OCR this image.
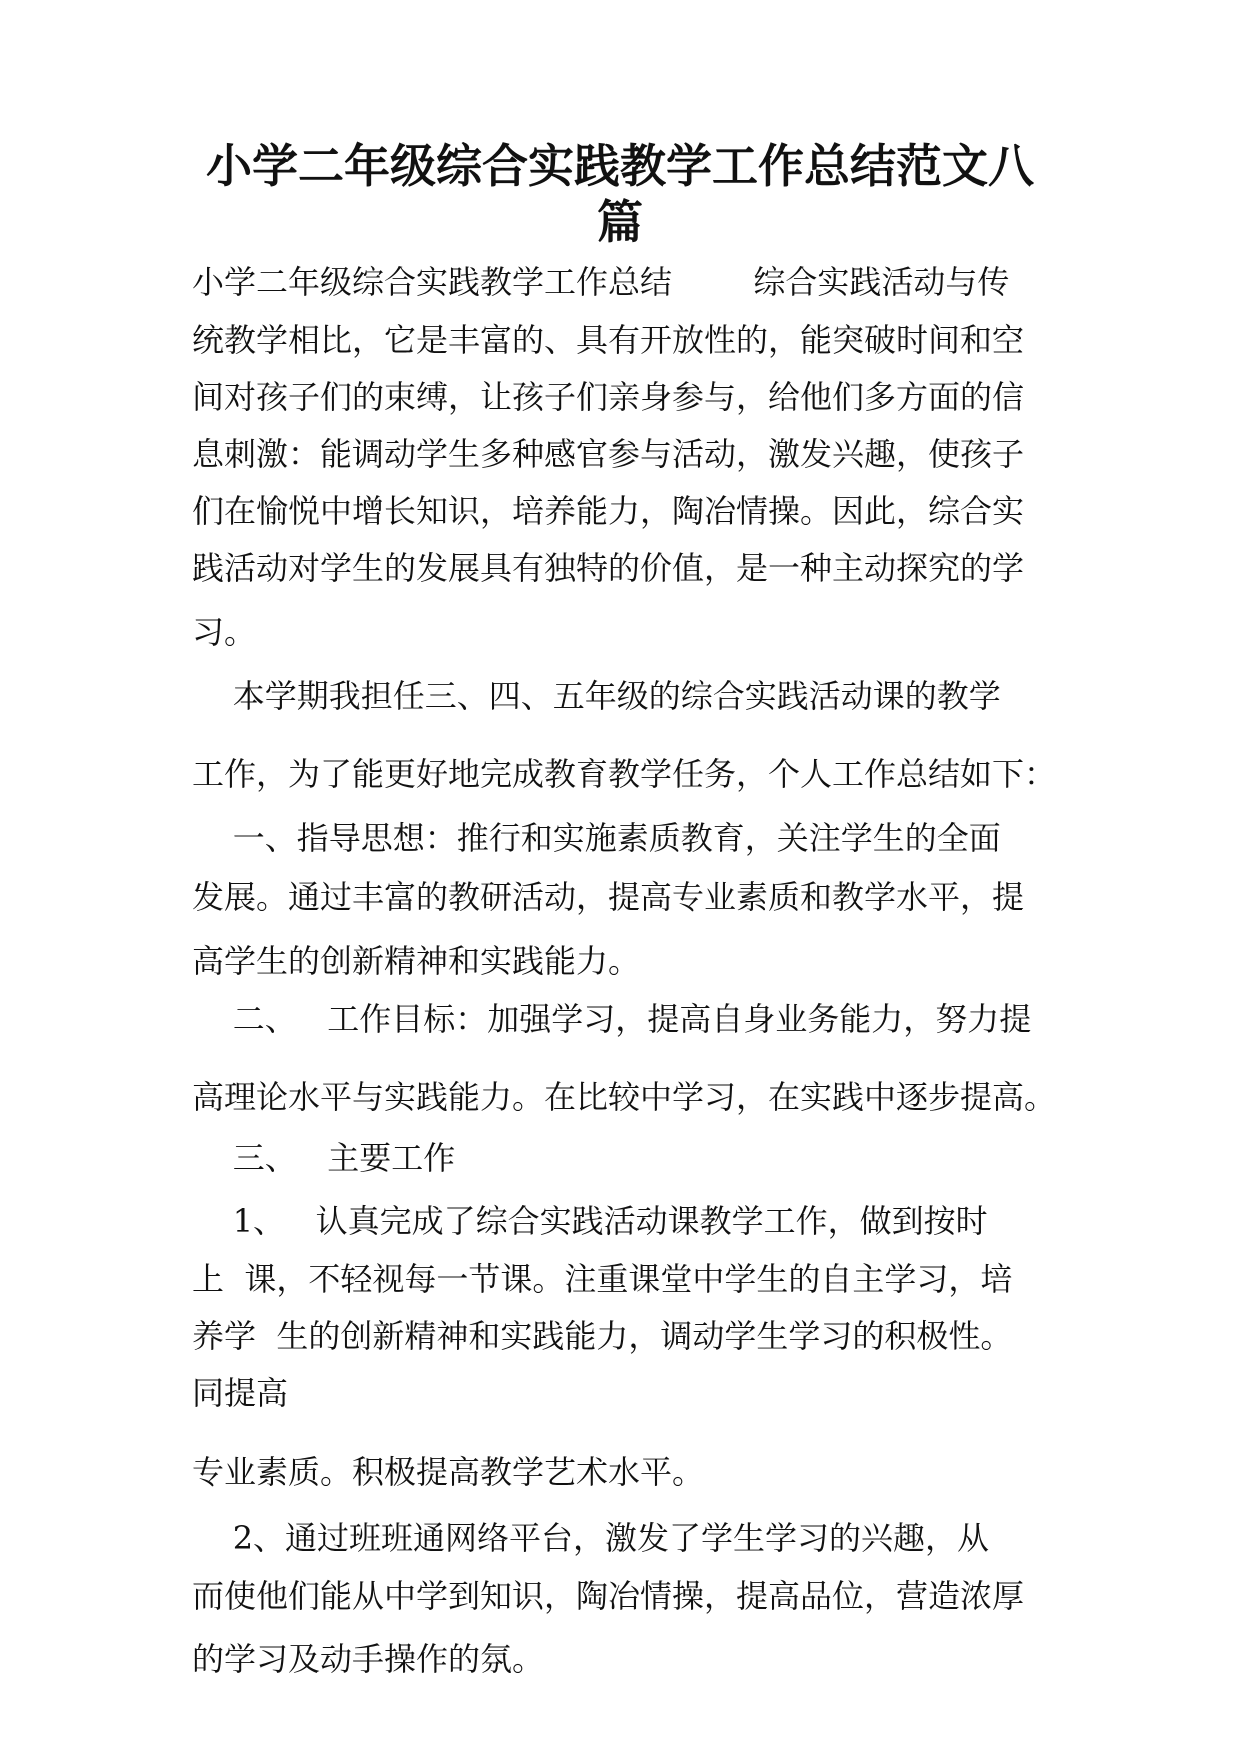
小学二年级综合实践教学工作总结范文八
篇

小学二年级综合实践教学工作总结        综合实践活动与传

统教学相比，它是丰富的、具有开放性的，能突破时间和空

间对孩子们的束缚，让孩子们亲身参与，给他们多方面的信

息刺激：能调动学生多种感官参与活动，激发兴趣，使孩子

们在愉悦中增长知识，培养能力，陶冶情操。因此，综合实

践活动对学生的发展具有独特的价值，是一种主动探究的学

习。

本学期我担任三、四、五年级的综合实践活动课的教学

工作，为了能更好地完成教育教学任务，个人工作总结如下：

一、指导思想：推行和实施素质教育，关注学生的全面

发展。通过丰富的教研活动，提高专业素质和教学水平，提

高学生的创新精神和实践能力。

二、   工作目标：加强学习，提高自身业务能力，努力提

高理论水平与实践能力。在比较中学习，在实践中逐步提高。

三、   主要工作

1、   认真完成了综合实践活动课教学工作，做到按时

上  课，不轻视每一节课。注重课堂中学生的自主学习，培

养学  生的创新精神和实践能力，调动学生学习的积极性。

同提高

专业素质。积极提高教学艺术水平。

2、通过班班通网络平台，激发了学生学习的兴趣，从

而使他们能从中学到知识，陶冶情操，提高品位，营造浓厚

的学习及动手操作的氛。
